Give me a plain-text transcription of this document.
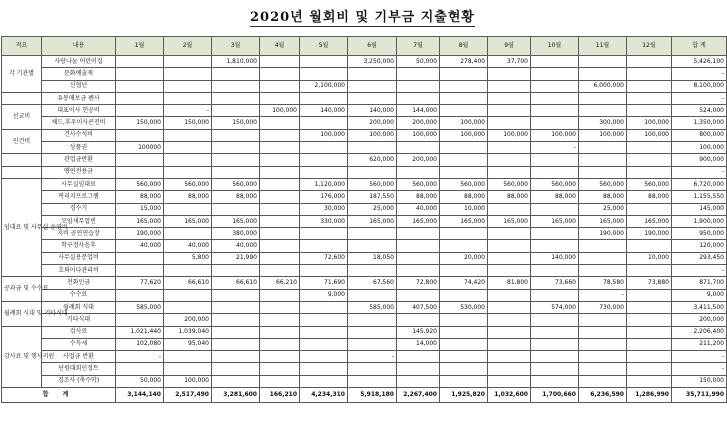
2020년 월회비 및 기부금 지출현황
적요	내용	1월	2월	3월	4월	5월	6월	7월	8월	9월	10월	11월	12월	합 계
각 기관별	사랑나눔 어린이집			1,810,000			3,250,000	50,000	278,400	37,700				5,426,100
	문화예술재													-
	신협넌					2,100,000						6,000,000		8,100,000
	유봉매보금 펜사													-
선교비	대표이사 헌공비		-		100,000	140,000	140,000	144,000						524,000
	체드,후우이사콘진비	150,000	150,000	150,000			200,000	200,000	100,000			300,000	100,000	1,350,000
인건비	건사수석비					100,000	100,000	100,000	100,000	100,000	100,000	100,000	100,000	800,000
	상품권	100000									-			100,000
	관업금반환						620,000	200,000						900,000
	맹연전용금													-
임대료 및 사무실 운영비	사무실임대료	560,000	560,000	560,000		1,120,000	560,000	560,000	560,000	560,000	560,000	560,000	560,000	6,720,000
	복리지프로그램	88,000	88,000	88,000		176,000	187,550	88,000	88,000	88,000	88,000	88,000	88,000	1,155,550
	경수기	15,000				30,000	25,000	40,000	10,000			25,000		145,000
	모임새무업빈	165,000	165,000	165,000		330,000	165,000	165,000	165,000	165,000	165,000	165,000	165,000	1,900,000
	지비 공연연습장	190,000		380,000								190,000	190,000	950,000
	학구정사음후	40,000	40,000	40,000										120,000
	사무실용문업비		5,800	21,990		72,600	18,050		20,000		140,000		10,000	293,450
	호퇴어다관리비													-
공과금 및 수수료	전화인금	77,620	66,610	66,610	66,210	71,690	67,560	72,800	74,420	81,800	73,660	78,580	73,880	871,700
	수수료					9,000						-		9,000
월례회 식대 및 기타식대	월례회 식대	585,000					585,000	407,500	530,000		574,000	730,000		3,411,500
	기타식대		200,000											200,000
감사료 및 행사지원	검사료	1,021,440	1,039,040					145,920						2,206,400
	수득세	102,080	95,040					14,000						211,200
	사업금 반환	-					-							-
	단원대회인정트													-
	경조사 (축수막)	50,000	100,000											150,000
합 계		3,144,140	2,517,490	3,281,600	166,210	4,234,310	5,918,180	2,267,400	1,925,820	1,032,600	1,700,660	6,236,590	1,286,990	35,711,990
